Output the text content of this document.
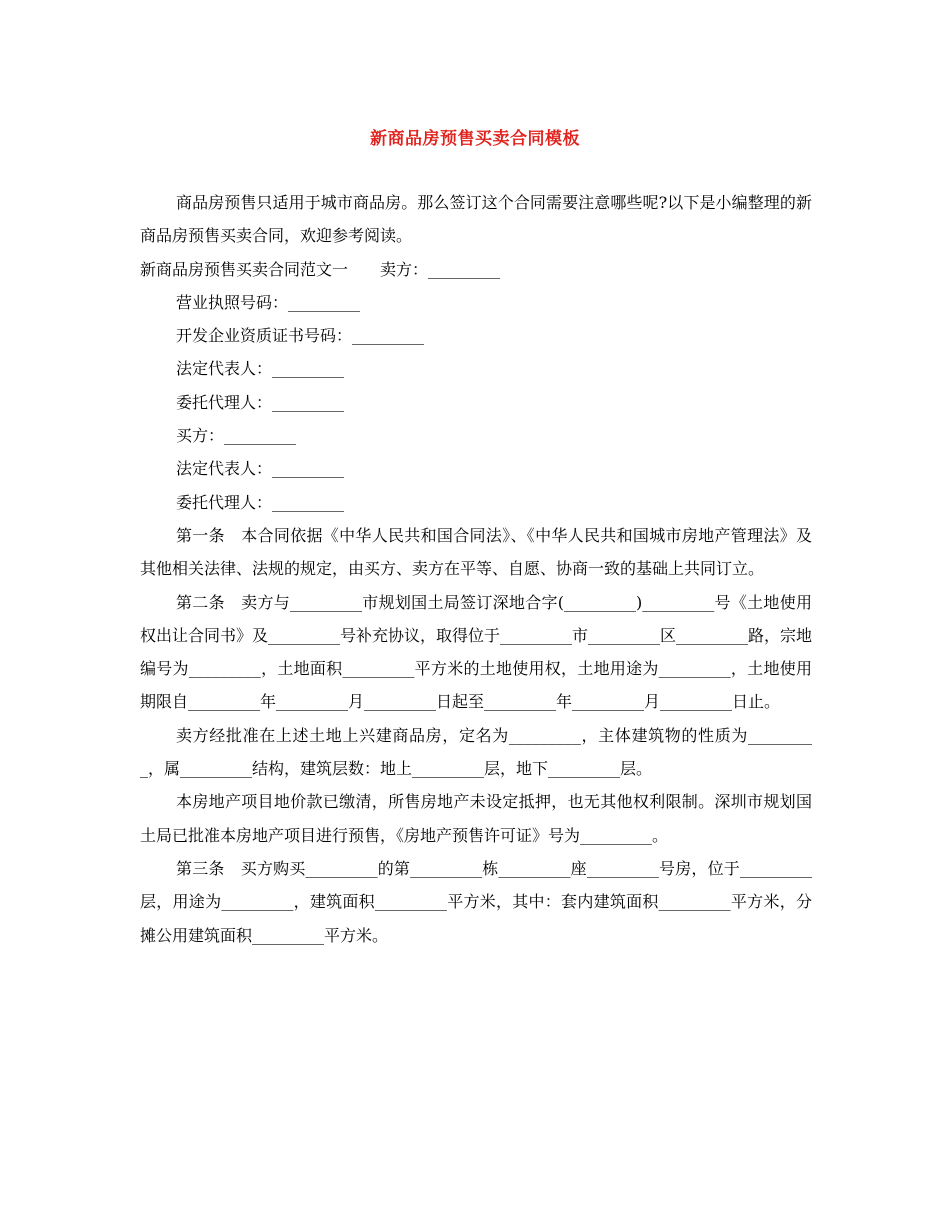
新商品房预售买卖合同模板

商品房预售只适用于城市商品房。那么签订这个合同需要注意哪些呢?以下是小编整理的新商品房预售买卖合同，欢迎参考阅读。

新商品房预售买卖合同范文一　　卖方：_________

营业执照号码：_________

开发企业资质证书号码：_________

法定代表人：_________

委托代理人：_________

买方：_________

法定代表人：_________

委托代理人：_________

第一条　本合同依据《中华人民共和国合同法》、《中华人民共和国城市房地产管理法》及其他相关法律、法规的规定，由买方、卖方在平等、自愿、协商一致的基础上共同订立。

第二条　卖方与_________市规划国土局签订深地合字(_________)_________号《土地使用权出让合同书》及_________号补充协议，取得位于_________市_________区_________路，宗地编号为_________，土地面积_________平方米的土地使用权，土地用途为_________，土地使用期限自_________年_________月_________日起至_________年_________月_________日止。

卖方经批准在上述土地上兴建商品房，定名为_________，主体建筑物的性质为_________，属_________结构，建筑层数：地上_________层，地下_________层。

本房地产项目地价款已缴清，所售房地产未设定抵押，也无其他权利限制。深圳市规划国土局已批准本房地产项目进行预售，《房地产预售许可证》号为_________。

第三条　买方购买_________的第_________栋_________座_________号房，位于_________层，用途为_________，建筑面积_________平方米，其中：套内建筑面积_________平方米，分摊公用建筑面积_________平方米。
